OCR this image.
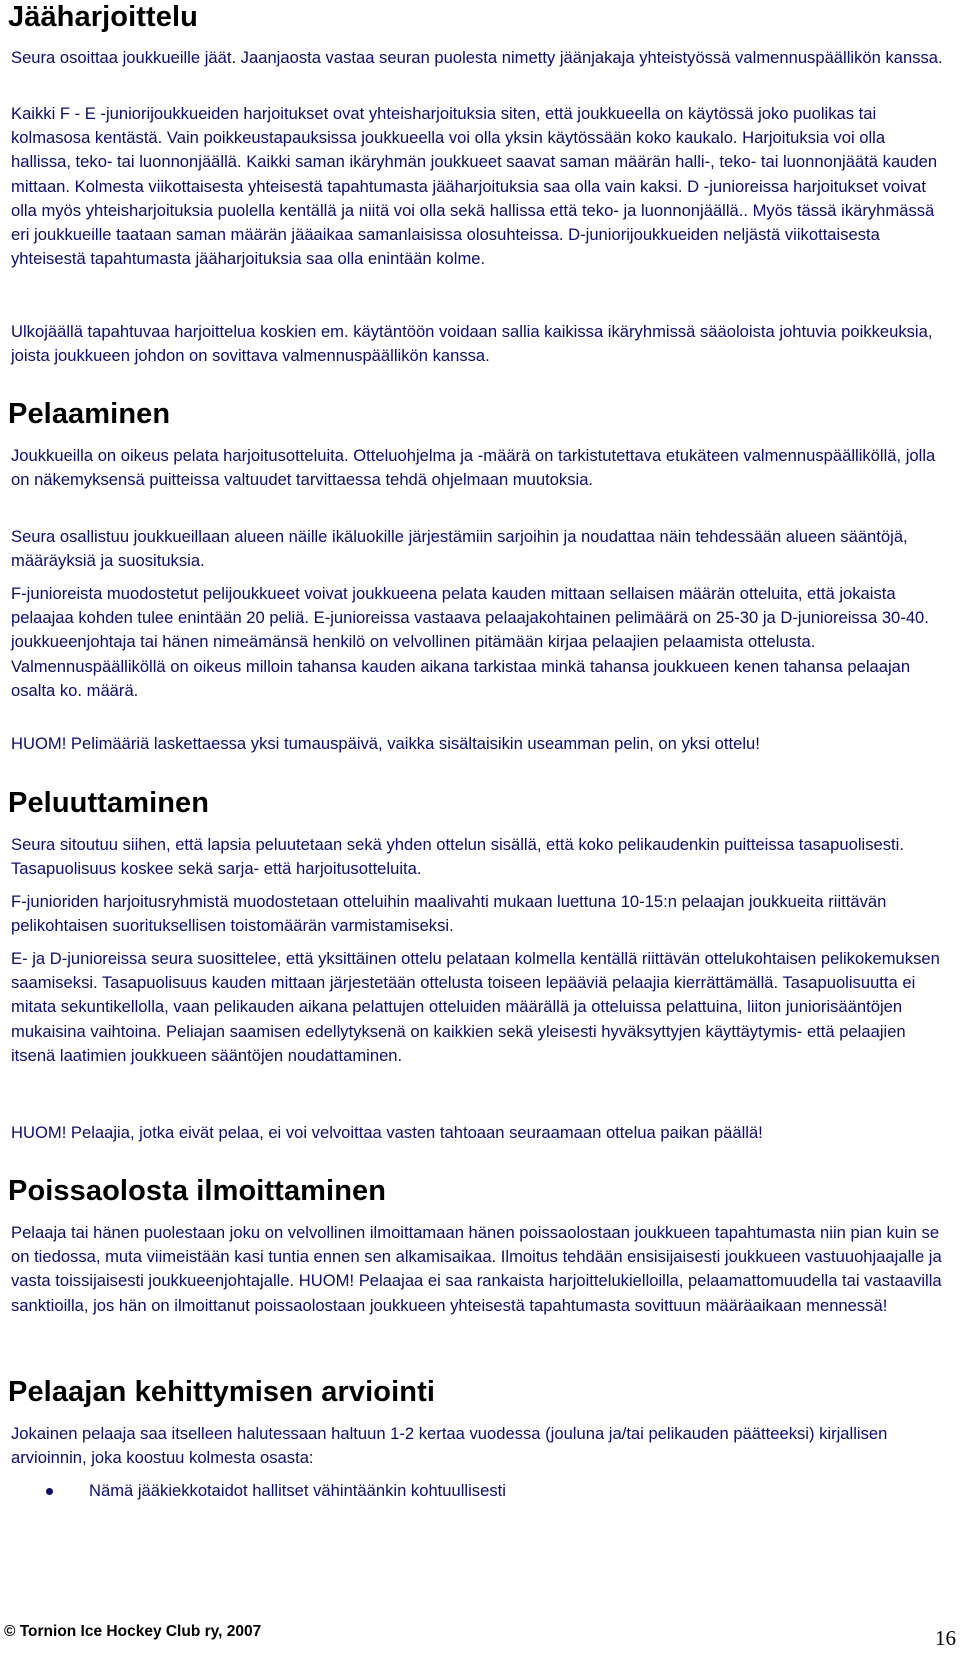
Jääharjoittelu
Seura osoittaa joukkueille jäät. Jaanjaosta vastaa seuran puolesta nimetty jäänjakaja yhteistyössä valmennuspäällikön kanssa.
Kaikki F - E -juniorijoukkueiden harjoitukset ovat yhteisharjoituksia siten, että joukkueella on käytössä joko puolikas tai kolmasosa kentästä. Vain poikkeustapauksissa joukkueella voi olla yksin käytössään koko kaukalo. Harjoituksia voi olla hallissa, teko- tai luonnonjäällä. Kaikki saman ikäryhmän joukkueet saavat saman määrän halli-, teko- tai luonnonjäätä kauden mittaan. Kolmesta viikottaisesta yhteisestä tapahtumasta jääharjoituksia saa olla vain kaksi. D -junioreissa harjoitukset voivat olla myös yhteisharjoituksia puolella kentällä ja niitä voi olla sekä hallissa että teko- ja luonnonjäällä.. Myös tässä ikäryhmässä eri joukkueille taataan saman määrän jääaikaa samanlaisissa olosuhteissa. D-juniorijoukkueiden neljästä viikottaisesta yhteisestä tapahtumasta jääharjoituksia saa olla enintään kolme.
Ulkojäällä tapahtuvaa harjoittelua koskien em. käytäntöön voidaan sallia kaikissa ikäryhmissä sääoloista johtuvia poikkeuksia, joista joukkueen johdon on sovittava valmennuspäällikön kanssa.
Pelaaminen
Joukkueilla on oikeus pelata harjoitusotteluita. Otteluohjelma ja -määrä on tarkistutettava etukäteen valmennuspäälliköllä, jolla on näkemyksensä puitteissa valtuudet tarvittaessa tehdä ohjelmaan muutoksia.
Seura osallistuu joukkueillaan alueen näille ikäluokille järjestämiin sarjoihin ja noudattaa näin tehdessään alueen sääntöjä, määräyksiä ja suosituksia.
F-junioreista muodostetut pelijoukkueet voivat joukkueena pelata kauden mittaan sellaisen määrän otteluita, että jokaista pelaajaa kohden tulee enintään 20 peliä. E-junioreissa vastaava pelaajakohtainen pelimäärä on 25-30 ja D-junioreissa 30-40. joukkueenjohtaja tai hänen nimeämänsä henkilö on velvollinen pitämään kirjaa pelaajien pelaamista ottelusta. Valmennuspäälliköllä on oikeus milloin tahansa kauden aikana tarkistaa minkä tahansa joukkueen kenen tahansa pelaajan osalta ko. määrä.
HUOM! Pelimääriä laskettaessa yksi tumauspäivä, vaikka sisältaisikin useamman pelin, on yksi ottelu!
Peluuttaminen
Seura sitoutuu siihen, että lapsia peluutetaan sekä yhden ottelun sisällä, että koko pelikaudenkin puitteissa tasapuolisesti. Tasapuolisuus koskee sekä sarja- että harjoitusotteluita.
F-junioriden harjoitusryhmistä muodostetaan otteluihin maalivahti mukaan luettuna 10-15:n pelaajan joukkueita riittävän pelikohtaisen suorituksellisen toistomäärän varmistamiseksi.
E- ja D-junioreissa seura suosittelee, että yksittäinen ottelu pelataan kolmella kentällä riittävän ottelukohtaisen pelikokemuksen saamiseksi. Tasapuolisuus kauden mittaan järjestetään ottelusta toiseen lepääviä pelaajia kierrättämällä. Tasapuolisuutta ei mitata sekuntikellolla, vaan pelikauden aikana pelattujen otteluiden määrällä ja otteluissa pelattuina, liiton juniorisääntöjen mukaisina vaihtoina. Peliajan saamisen edellytyksenä on kaikkien sekä yleisesti hyväksyttyjen käyttäytymis- että pelaajien itsenä laatimien joukkueen sääntöjen noudattaminen.
HUOM! Pelaajia, jotka eivät pelaa, ei voi velvoittaa vasten tahtoaan seuraamaan ottelua paikan päällä!
Poissaolosta ilmoittaminen
Pelaaja tai hänen puolestaan joku on velvollinen ilmoittamaan hänen poissaolostaan joukkueen tapahtumasta niin pian kuin se on tiedossa, muta viimeistään kasi tuntia ennen sen alkamisaikaa. Ilmoitus tehdään ensisijaisesti joukkueen vastuuohjaajalle ja vasta toissijaisesti joukkueenjohtajalle. HUOM! Pelaajaa ei saa rankaista harjoittelukielloilla, pelaamattomuudella tai vastaavilla sanktioilla, jos hän on ilmoittanut poissaolostaan joukkueen yhteisestä tapahtumasta sovittuun määräaikaan mennessä!
Pelaajan kehittymisen arviointi
Jokainen pelaaja saa itselleen halutessaan haltuun 1-2 kertaa vuodessa (jouluna ja/tai pelikauden päätteeksi) kirjallisen arvioinnin, joka koostuu kolmesta osasta:
Nämä jääkiekkotaidot hallitset vähintäänkin kohtuullisesti
© Tornion Ice Hockey Club ry, 2007	16
